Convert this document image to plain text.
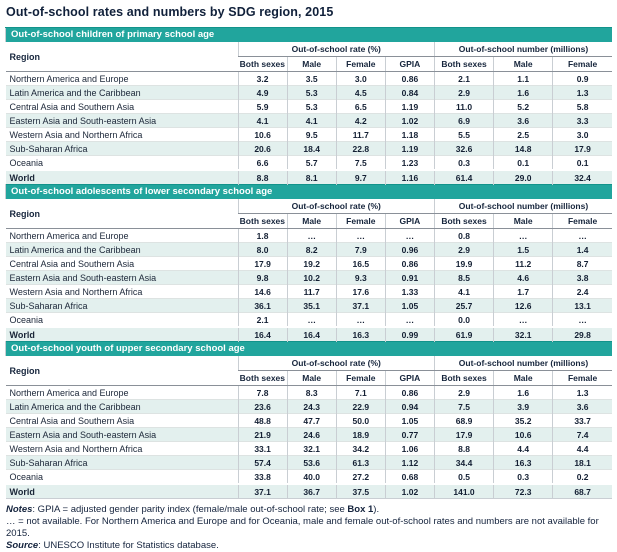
Out-of-school rates and numbers by SDG region, 2015
Out-of-school children of primary school age							
Region	Out-of-school rate (%)				Out-of-school number (millions)		
	Both sexes	Male	Female	GPIA	Both sexes	Male	Female
Northern America and Europe	3.2	3.5	3.0	0.86	2.1	1.1	0.9
Latin America and the Caribbean	4.9	5.3	4.5	0.84	2.9	1.6	1.3
Central Asia and Southern Asia	5.9	5.3	6.5	1.19	11.0	5.2	5.8
Eastern Asia and South-eastern Asia	4.1	4.1	4.2	1.02	6.9	3.6	3.3
Western Asia and Northern Africa	10.6	9.5	11.7	1.18	5.5	2.5	3.0
Sub-Saharan Africa	20.6	18.4	22.8	1.19	32.6	14.8	17.9
Oceania	6.6	5.7	7.5	1.23	0.3	0.1	0.1
World	8.8	8.1	9.7	1.16	61.4	29.0	32.4
Out-of-school adolescents of lower secondary school age							
Region	Out-of-school rate (%)				Out-of-school number (millions)		
	Both sexes	Male	Female	GPIA	Both sexes	Male	Female
Northern America and Europe	1.8	…	…	…	0.8	…	…
Latin America and the Caribbean	8.0	8.2	7.9	0.96	2.9	1.5	1.4
Central Asia and Southern Asia	17.9	19.2	16.5	0.86	19.9	11.2	8.7
Eastern Asia and South-eastern Asia	9.8	10.2	9.3	0.91	8.5	4.6	3.8
Western Asia and Northern Africa	14.6	11.7	17.6	1.33	4.1	1.7	2.4
Sub-Saharan Africa	36.1	35.1	37.1	1.05	25.7	12.6	13.1
Oceania	2.1	…	…	…	0.0	…	…
World	16.4	16.4	16.3	0.99	61.9	32.1	29.8
Out-of-school youth of upper secondary school age							
Region	Out-of-school rate (%)				Out-of-school number (millions)		
	Both sexes	Male	Female	GPIA	Both sexes	Male	Female
Northern America and Europe	7.8	8.3	7.1	0.86	2.9	1.6	1.3
Latin America and the Caribbean	23.6	24.3	22.9	0.94	7.5	3.9	3.6
Central Asia and Southern Asia	48.8	47.7	50.0	1.05	68.9	35.2	33.7
Eastern Asia and South-eastern Asia	21.9	24.6	18.9	0.77	17.9	10.6	7.4
Western Asia and Northern Africa	33.1	32.1	34.2	1.06	8.8	4.4	4.4
Sub-Saharan Africa	57.4	53.6	61.3	1.12	34.4	16.3	18.1
Oceania	33.8	40.0	27.2	0.68	0.5	0.3	0.2
World	37.1	36.7	37.5	1.02	141.0	72.3	68.7
Notes: GPIA = adjusted gender parity index (female/male out-of-school rate; see Box 1).
… = not available. For Northern America and Europe and for Oceania, male and female out-of-school rates and numbers are not available for 2015.
Source: UNESCO Institute for Statistics database.
